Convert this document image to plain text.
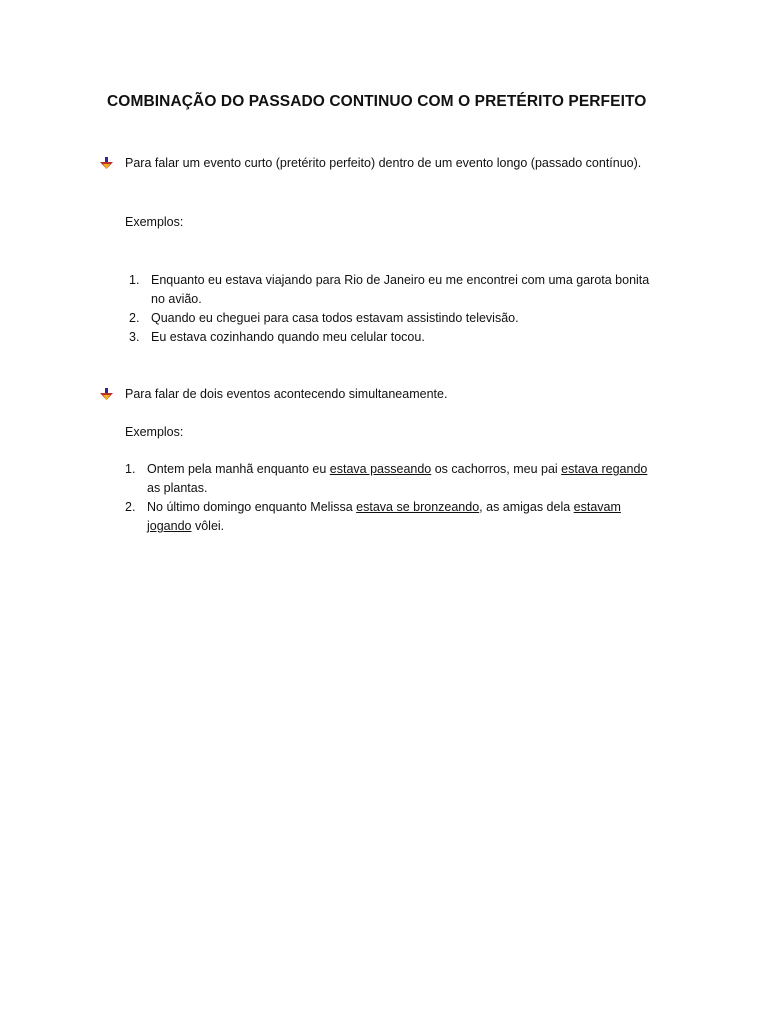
COMBINAÇÃO DO PASSADO CONTINUO COM O PRETÉRITO PERFEITO
Para falar um evento curto (pretérito perfeito) dentro de um evento longo (passado contínuo).
Exemplos:
1. Enquanto eu estava viajando para Rio de Janeiro eu me encontrei com uma garota bonita
no avião.
2. Quando eu cheguei para casa todos estavam assistindo televisão.
3. Eu estava cozinhando quando meu celular tocou.
Para falar de dois eventos acontecendo simultaneamente.
Exemplos:
1. Ontem pela manhã enquanto eu estava passeando os cachorros, meu pai estava regando
as plantas.
2. No último domingo enquanto Melissa estava se bronzeando, as amigas dela estavam
jogando vôlei.
